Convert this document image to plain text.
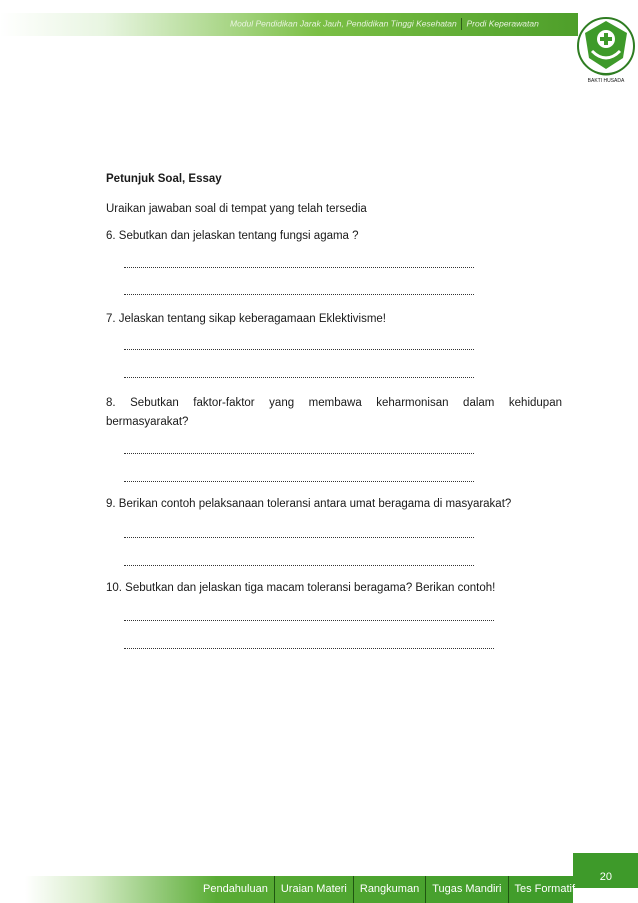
Modul Pendidikan Jarak Jauh, Pendidikan Tinggi Kesehatan Prodi Keperawatan
BAKTI HUSADA
Petunjuk Soal, Essay
Uraikan jawaban soal di tempat yang telah tersedia
6. Sebutkan dan jelaskan tentang fungsi agama ?
7. Jelaskan tentang sikap keberagamaan Eklektivisme!
8. Sebutkan faktor-faktor yang membawa keharmonisan dalam kehidupan
bermasyarakat?
9. Berikan contoh pelaksanaan toleransi antara umat beragama di masyarakat?
10. Sebutkan dan jelaskan tiga macam toleransi beragama? Berikan contoh!
20
Pendahuluan	Uraian Materi	Rangkuman	Tugas Mandiri	Tes Formatif
